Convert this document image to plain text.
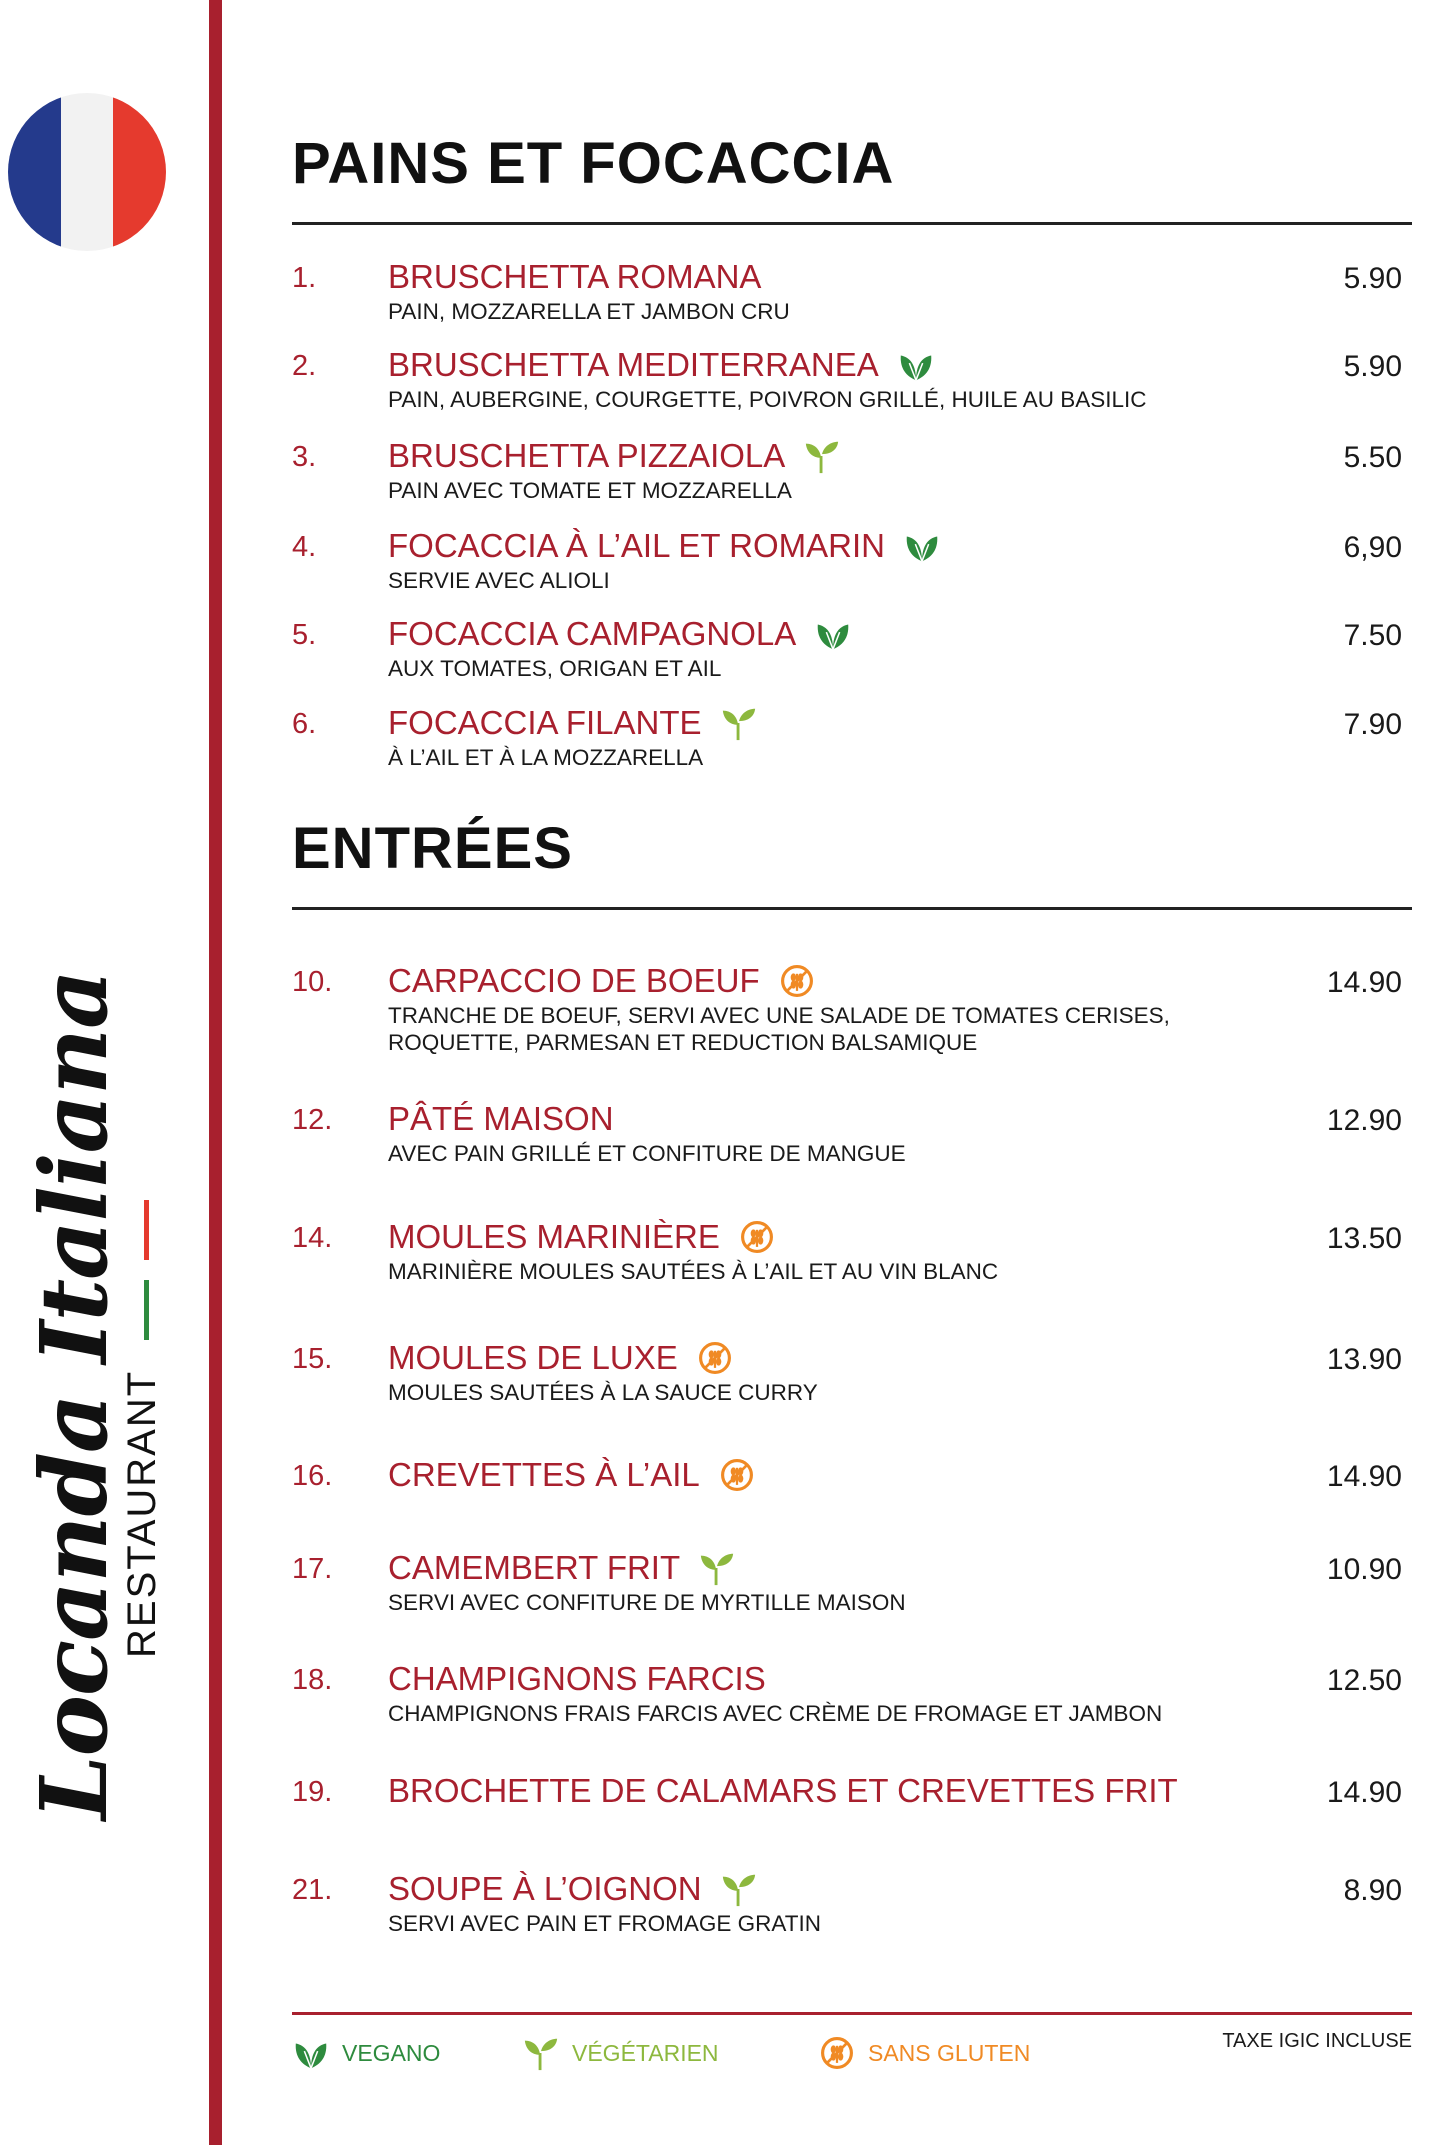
Locanda Italiana
RESTAURANT
PAINS ET FOCACCIA
1. BRUSCHETTA ROMANA
PAIN, MOZZARELLA ET JAMBON CRU
5.90
2. BRUSCHETTA MEDITERRANEA
PAIN, AUBERGINE, COURGETTE, POIVRON GRILLÉ, HUILE AU BASILIC
5.90
3. BRUSCHETTA PIZZAIOLA
PAIN AVEC TOMATE ET MOZZARELLA
5.50
4. FOCACCIA À L’AIL ET ROMARIN
SERVIE AVEC ALIOLI
6,90
5. FOCACCIA CAMPAGNOLA
AUX TOMATES, ORIGAN ET AIL
7.50
6. FOCACCIA FILANTE
À L’AIL ET À LA MOZZARELLA
7.90
ENTRÉES
10. CARPACCIO DE BOEUF
TRANCHE DE BOEUF, SERVI AVEC UNE SALADE DE TOMATES CERISES,
ROQUETTE, PARMESAN ET REDUCTION BALSAMIQUE
14.90
12. PÂTÉ MAISON
AVEC PAIN GRILLÉ ET CONFITURE DE MANGUE
12.90
14. MOULES MARINIÈRE
MARINIÈRE MOULES SAUTÉES À L’AIL ET AU VIN BLANC
13.50
15. MOULES DE LUXE
MOULES SAUTÉES À LA SAUCE CURRY
13.90
16. CREVETTES À L’AIL	14.90
17. CAMEMBERT FRIT
SERVI AVEC CONFITURE DE MYRTILLE MAISON
10.90
18. CHAMPIGNONS FARCIS
CHAMPIGNONS FRAIS FARCIS AVEC CRÈME DE FROMAGE ET JAMBON
12.50
19. BROCHETTE DE CALAMARS ET CREVETTES FRIT	14.90
21. SOUPE À L’OIGNON
SERVI AVEC PAIN ET FROMAGE GRATIN
8.90
VEGANO	VÉGÉTARIEN	SANS GLUTEN	TAXE IGIC INCLUSE
